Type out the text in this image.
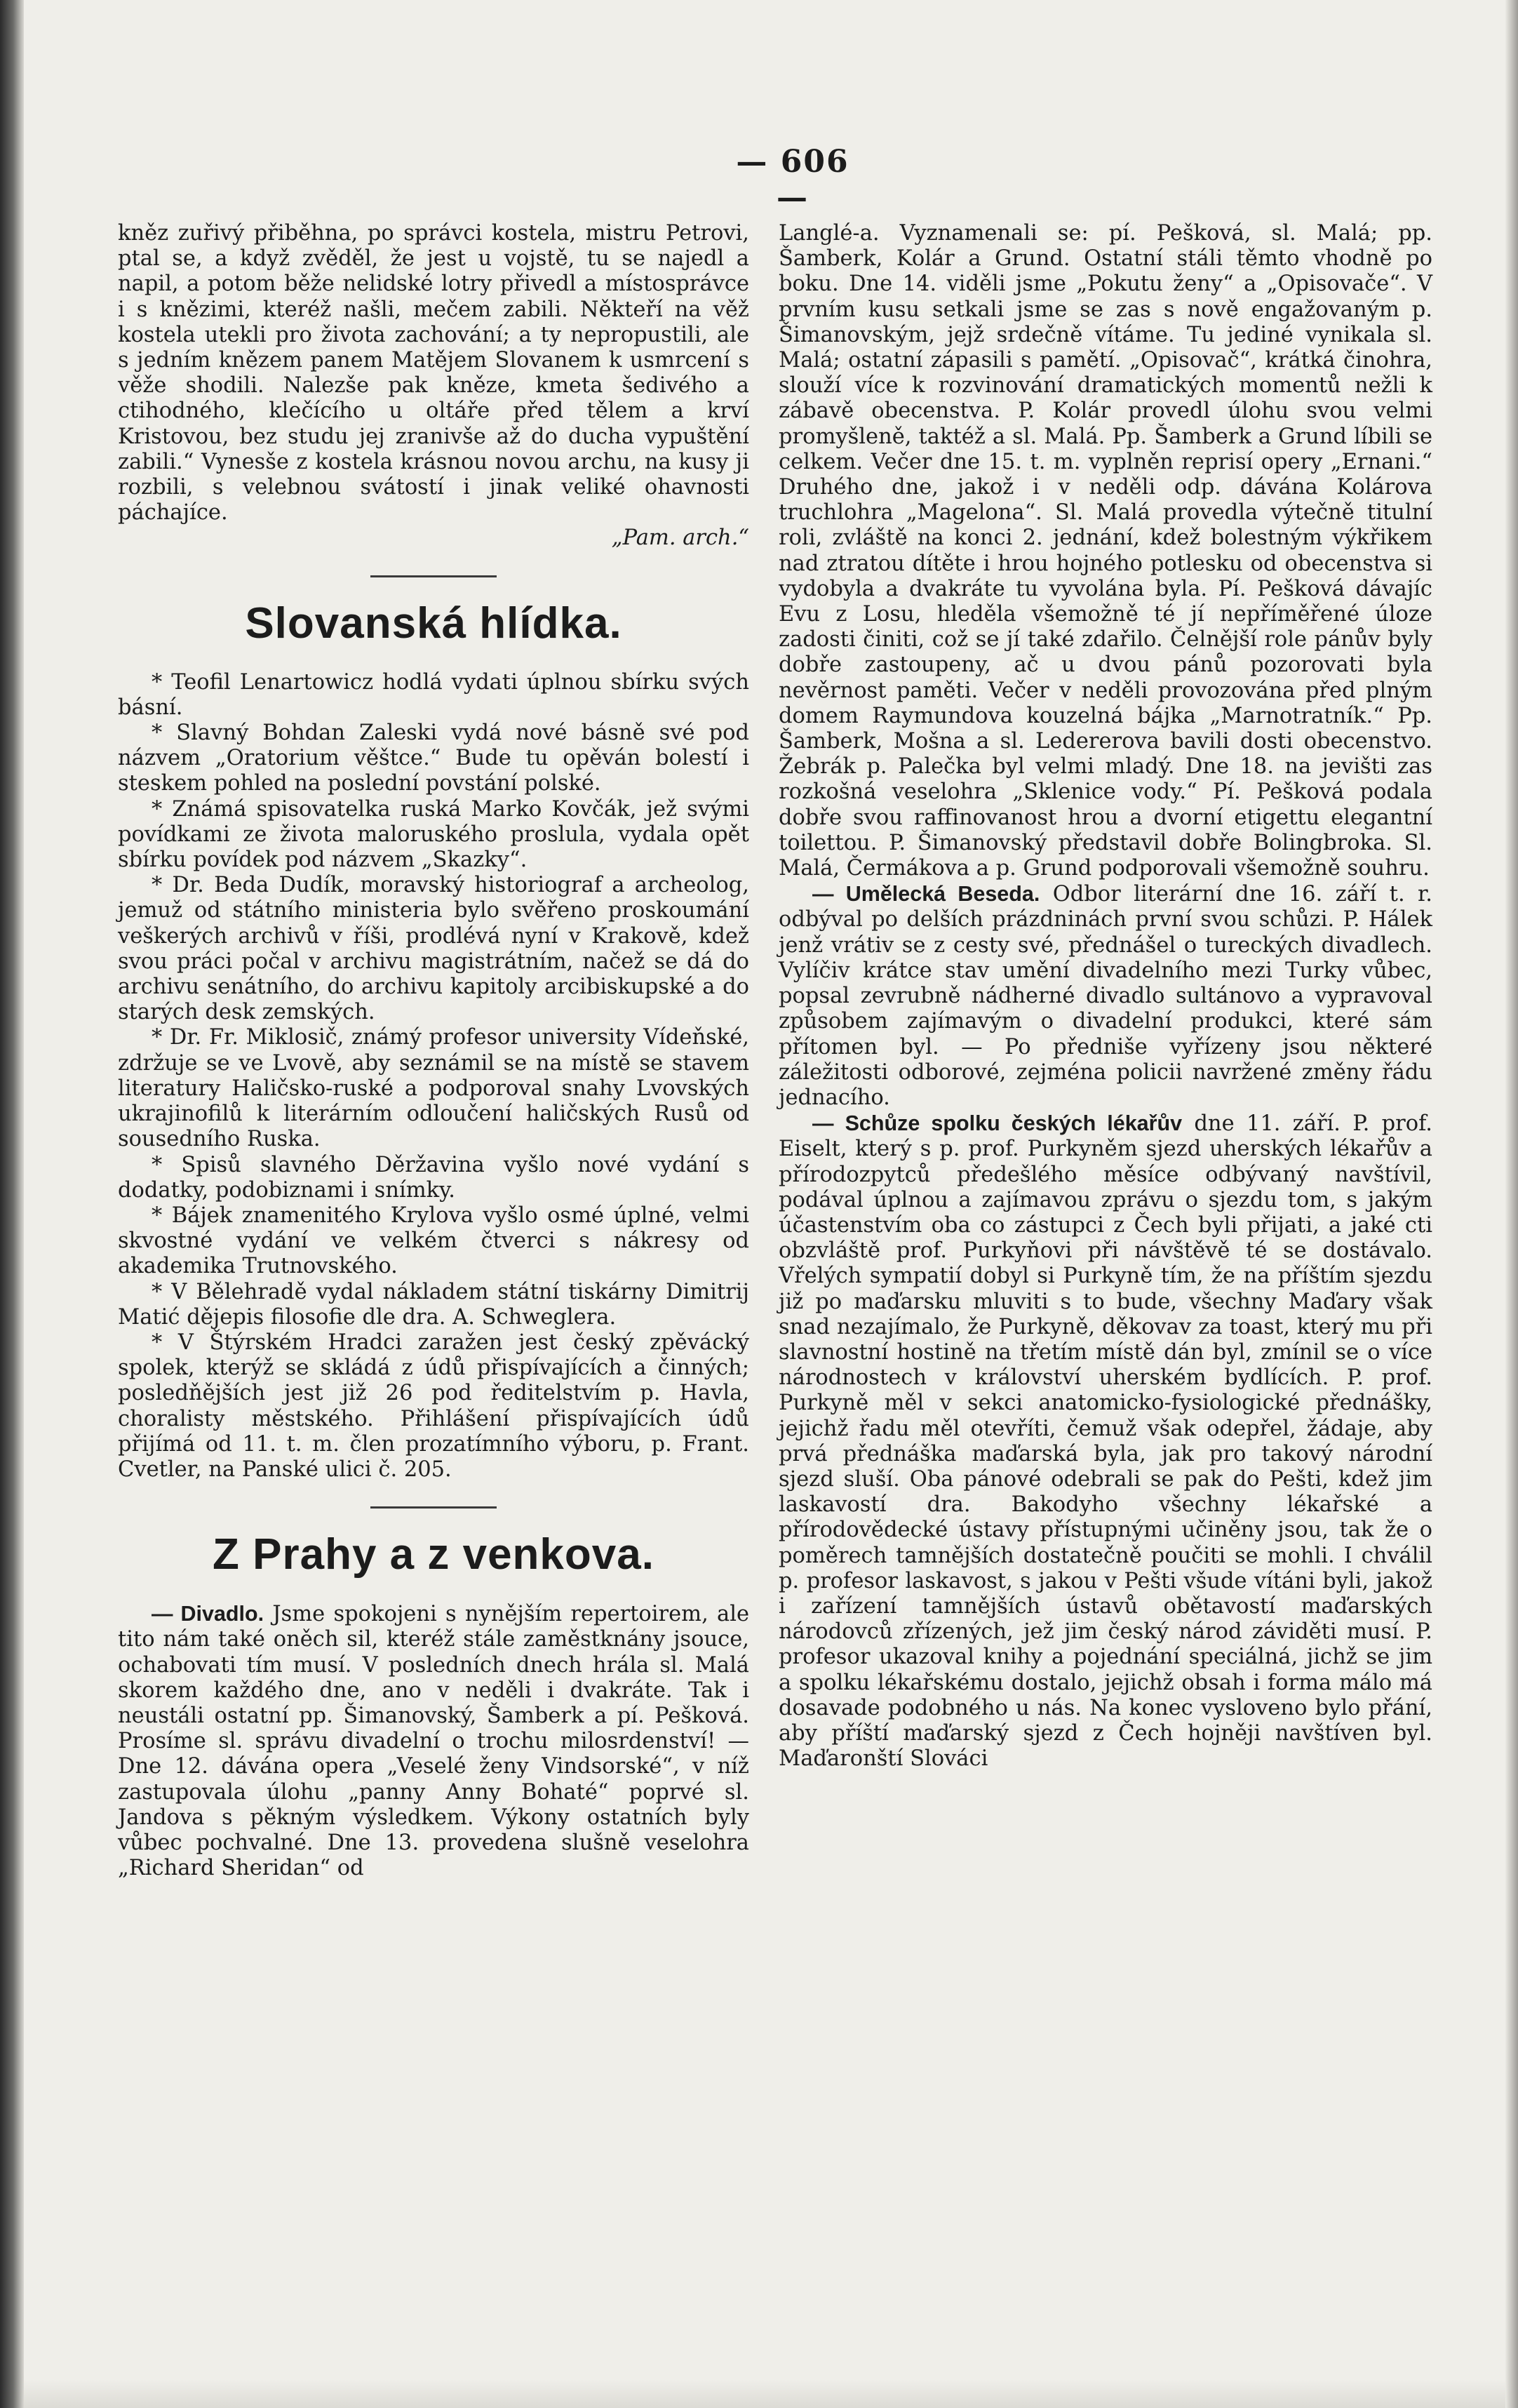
— 606 —

kněz zuřivý přiběhna, po správci kostela, mistru Petrovi, ptal se, a když zvěděl, že jest u vojstě, tu se najedl a napil, a potom běže nelidské lotry přivedl a místosprávce i s knězimi, kteréž našli, mečem zabili. Někteří na věž kostela utekli pro života zachování; a ty nepropustili, ale s jedním knězem panem Matějem Slovanem k usmrcení s věže shodili. Nalezše pak kněze, kmeta šedivého a ctihodného, klečícího u oltáře před tělem a krví Kristovou, bez studu jej zranivše až do ducha vypuštění zabili.“ Vynesše z kostela krásnou novou archu, na kusy ji rozbili, s velebnou svátostí i jinak veliké ohavnosti páchajíce.

„Pam. arch.“

Slovanská hlídka.

* Teofil Lenartowicz hodlá vydati úplnou sbírku svých básní.

* Slavný Bohdan Zaleski vydá nové básně své pod názvem „Oratorium věštce.“ Bude tu opěván bolestí i steskem pohled na poslední povstání polské.

* Známá spisovatelka ruská Marko Kovčák, jež svými povídkami ze života maloruského proslula, vydala opět sbírku povídek pod názvem „Skazky“.

* Dr. Beda Dudík, moravský historiograf a archeolog, jemuž od státního ministeria bylo svěřeno proskoumání veškerých archivů v říši, prodlévá nyní v Krakově, kdež svou práci počal v archivu magistrátním, načež se dá do archivu senátního, do archivu kapitoly arcibiskupské a do starých desk zemských.

* Dr. Fr. Miklosič, známý profesor university Vídeňské, zdržuje se ve Lvově, aby seznámil se na místě se stavem literatury Haličsko-ruské a podporoval snahy Lvovských ukrajinofilů k literárním odloučení haličských Rusů od sousedního Ruska.

* Spisů slavného Děržavina vyšlo nové vydání s dodatky, podobiznami i snímky.

* Bájek znamenitého Krylova vyšlo osmé úplné, velmi skvostné vydání ve velkém čtverci s nákresy od akademika Trutnovského.

* V Bělehradě vydal nákladem státní tiskárny Dimitrij Matić dějepis filosofie dle dra. A. Schweglera.

* V Štýrském Hradci zaražen jest český zpěvácký spolek, kterýž se skládá z údů přispívajících a činných; posledňějších jest již 26 pod ředitelstvím p. Havla, choralisty městského. Přihlášení přispívajících údů přijímá od 11. t. m. člen prozatímního výboru, p. Frant. Cvetler, na Panské ulici č. 205.

Z Prahy a z venkova.

— Divadlo. Jsme spokojeni s nynějším repertoirem, ale tito nám také oněch sil, kteréž stále zaměstknány jsouce, ochabovati tím musí. V posledních dnech hrála sl. Malá skorem každého dne, ano v neděli i dvakráte. Tak i neustáli ostatní pp. Šimanovský, Šamberk a pí. Pešková. Prosíme sl. správu divadelní o trochu milosrdenství! — Dne 12. dávána opera „Veselé ženy Vindsorské“, v níž zastupovala úlohu „panny Anny Bohaté“ poprvé sl. Jandova s pěkným výsledkem. Výkony ostatních byly vůbec pochvalné. Dne 13. provedena slušně veselohra „Richard Sheridan“ od

Langlé-a. Vyznamenali se: pí. Pešková, sl. Malá; pp. Šamberk, Kolár a Grund. Ostatní stáli těmto vhodně po boku. Dne 14. viděli jsme „Pokutu ženy“ a „Opisovače“. V prvním kusu setkali jsme se zas s nově engažovaným p. Šimanovským, jejž srdečně vítáme. Tu jediné vynikala sl. Malá; ostatní zápasili s pamětí. „Opisovač“, krátká činohra, slouží více k rozvinování dramatických momentů nežli k zábavě obecenstva. P. Kolár provedl úlohu svou velmi promyšleně, taktéž a sl. Malá. Pp. Šamberk a Grund líbili se celkem. Večer dne 15. t. m. vyplněn reprisí opery „Ernani.“ Druhého dne, jakož i v neděli odp. dávána Kolárova truchlohra „Magelona“. Sl. Malá provedla výtečně titulní roli, zvláště na konci 2. jednání, kdež bolestným výkřikem nad ztratou dítěte i hrou hojného potlesku od obecenstva si vydobyla a dvakráte tu vyvolána byla. Pí. Pešková dávajíc Evu z Losu, hleděla všemožně té jí nepříměřené úloze zadosti činiti, což se jí také zdařilo. Čelnější role pánův byly dobře zastoupeny, ač u dvou pánů pozorovati byla nevěrnost paměti. Večer v neděli provozována před plným domem Raymundova kouzelná bájka „Marnotratník.“ Pp. Šamberk, Mošna a sl. Ledererova bavili dosti obecenstvo. Žebrák p. Palečka byl velmi mladý. Dne 18. na jevišti zas rozkošná veselohra „Sklenice vody.“ Pí. Pešková podala dobře svou raffinovanost hrou a dvorní etigettu elegantní toilettou. P. Šimanovský představil dobře Bolingbroka. Sl. Malá, Čermákova a p. Grund podporovali všemožně souhru.

— Umělecká Beseda. Odbor literární dne 16. září t. r. odbýval po delších prázdninách první svou schůzi. P. Hálek jenž vrátiv se z cesty své, přednášel o tureckých divadlech. Vylíčiv krátce stav umění divadelního mezi Turky vůbec, popsal zevrubně nádherné divadlo sultánovo a vypravoval způsobem zajímavým o divadelní produkci, které sám přítomen byl. — Po předniše vyřízeny jsou některé záležitosti odborové, zejména policii navržené změny řádu jednacího.

— Schůze spolku českých lékařův dne 11. září. P. prof. Eiselt, který s p. prof. Purkyněm sjezd uherských lékařův a přírodozpytců předešlého měsíce odbývaný navštívil, podával úplnou a zajímavou zprávu o sjezdu tom, s jakým účastenstvím oba co zástupci z Čech byli přijati, a jaké cti obzvláště prof. Purkyňovi při návštěvě té se dostávalo. Vřelých sympatií dobyl si Purkyně tím, že na příštím sjezdu již po maďarsku mluviti s to bude, všechny Maďary však snad nezajímalo, že Purkyně, děkovav za toast, který mu při slavnostní hostině na třetím místě dán byl, zmínil se o více národnostech v království uherském bydlících. P. prof. Purkyně měl v sekci anatomicko-fysiologické přednášky, jejichž řadu měl otevříti, čemuž však odepřel, žádaje, aby prvá přednáška maďarská byla, jak pro takový národní sjezd sluší. Oba pánové odebrali se pak do Pešti, kdež jim laskavostí dra. Bakodyho všechny lékařské a přírodovědecké ústavy přístupnými učiněny jsou, tak že o poměrech tamnějších dostatečně poučiti se mohli. I chválil p. profesor laskavost, s jakou v Pešti všude vítáni byli, jakož i zařízení tamnějších ústavů obětavostí maďarských národovců zřízených, jež jim český národ záviděti musí. P. profesor ukazoval knihy a pojednání speciálná, jichž se jim a spolku lékařskému dostalo, jejichž obsah i forma málo má dosavade podobného u nás. Na konec vysloveno bylo přání, aby příští maďarský sjezd z Čech hojněji navštíven byl. Maďaronští Slováci
